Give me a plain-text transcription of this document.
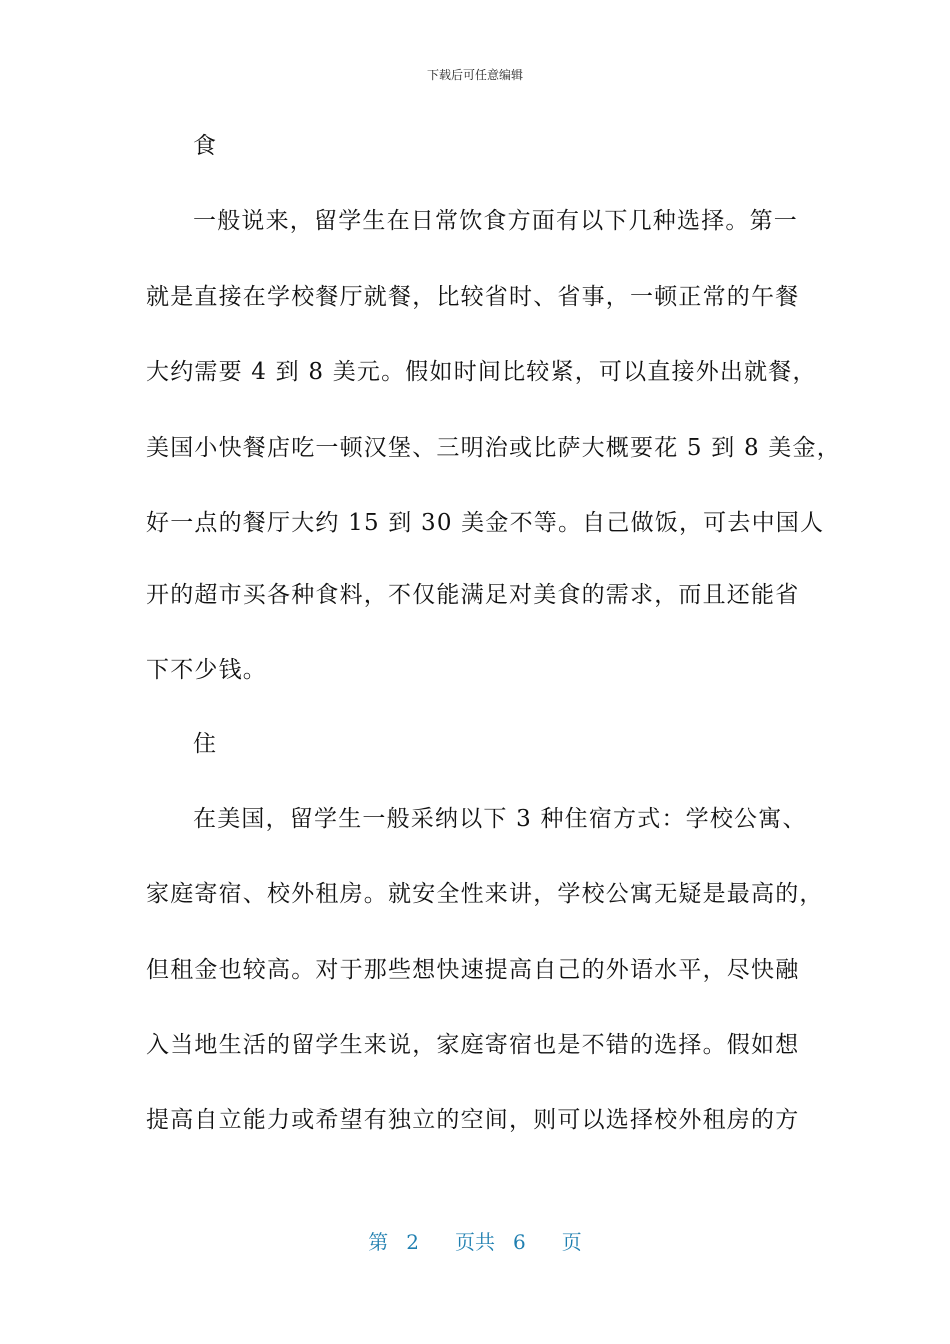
下载后可任意编辑
食
一般说来，留学生在日常饮食方面有以下几种选择。第一
就是直接在学校餐厅就餐，比较省时、省事，一顿正常的午餐
大约需要 4 到 8 美元。假如时间比较紧，可以直接外出就餐，
美国小快餐店吃一顿汉堡、三明治或比萨大概要花 5 到 8 美金，
好一点的餐厅大约 15 到 30 美金不等。自己做饭，可去中国人
开的超市买各种食料，不仅能满足对美食的需求，而且还能省
下不少钱。
住
在美国，留学生一般采纳以下 3 种住宿方式：学校公寓、
家庭寄宿、校外租房。就安全性来讲，学校公寓无疑是最高的，
但租金也较高。对于那些想快速提高自己的外语水平，尽快融
入当地生活的留学生来说，家庭寄宿也是不错的选择。假如想
提高自立能力或希望有独立的空间，则可以选择校外租房的方
第 2 页共 6 页
